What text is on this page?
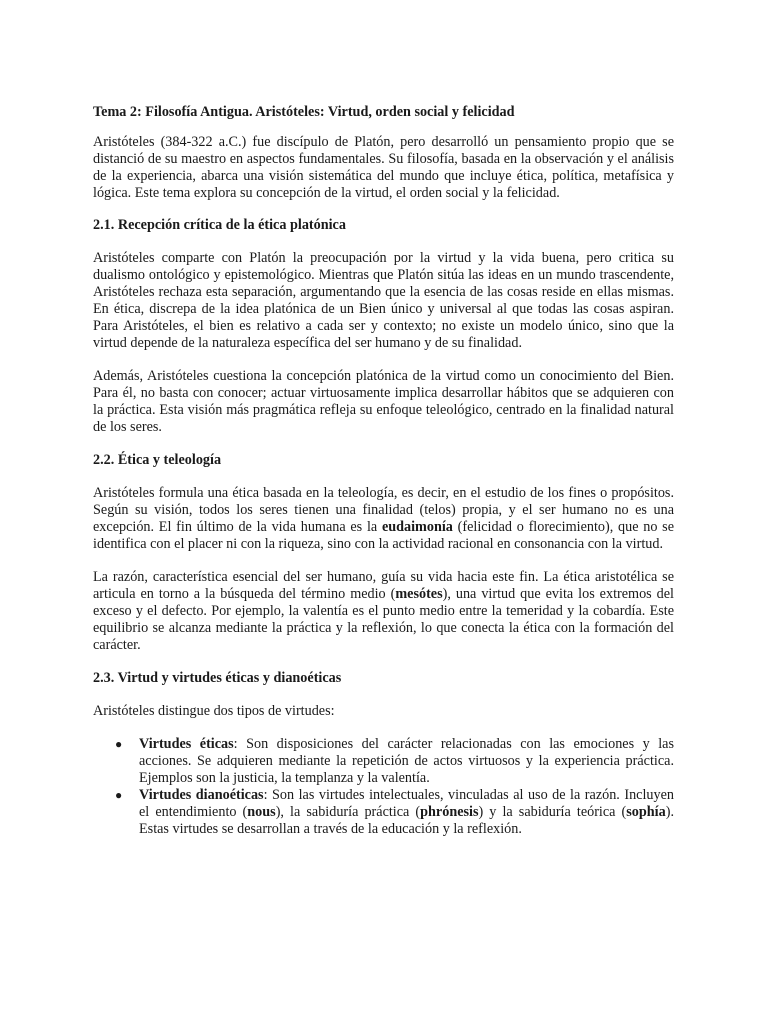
Tema 2: Filosofía Antigua. Aristóteles: Virtud, orden social y felicidad

Aristóteles (384-322 a.C.) fue discípulo de Platón, pero desarrolló un pensamiento propio que se distanció de su maestro en aspectos fundamentales. Su filosofía, basada en la observación y el análisis de la experiencia, abarca una visión sistemática del mundo que incluye ética, política, metafísica y lógica. Este tema explora su concepción de la virtud, el orden social y la felicidad.

2.1. Recepción crítica de la ética platónica

Aristóteles comparte con Platón la preocupación por la virtud y la vida buena, pero critica su dualismo ontológico y epistemológico. Mientras que Platón sitúa las ideas en un mundo trascendente, Aristóteles rechaza esta separación, argumentando que la esencia de las cosas reside en ellas mismas. En ética, discrepa de la idea platónica de un Bien único y universal al que todas las cosas aspiran. Para Aristóteles, el bien es relativo a cada ser y contexto; no existe un modelo único, sino que la virtud depende de la naturaleza específica del ser humano y de su finalidad.

Además, Aristóteles cuestiona la concepción platónica de la virtud como un conocimiento del Bien. Para él, no basta con conocer; actuar virtuosamente implica desarrollar hábitos que se adquieren con la práctica. Esta visión más pragmática refleja su enfoque teleológico, centrado en la finalidad natural de los seres.

2.2. Ética y teleología

Aristóteles formula una ética basada en la teleología, es decir, en el estudio de los fines o propósitos. Según su visión, todos los seres tienen una finalidad (telos) propia, y el ser humano no es una excepción. El fin último de la vida humana es la eudaimonía (felicidad o florecimiento), que no se identifica con el placer ni con la riqueza, sino con la actividad racional en consonancia con la virtud.

La razón, característica esencial del ser humano, guía su vida hacia este fin. La ética aristotélica se articula en torno a la búsqueda del término medio (mesótes), una virtud que evita los extremos del exceso y el defecto. Por ejemplo, la valentía es el punto medio entre la temeridad y la cobardía. Este equilibrio se alcanza mediante la práctica y la reflexión, lo que conecta la ética con la formación del carácter.

2.3. Virtud y virtudes éticas y dianoéticas

Aristóteles distingue dos tipos de virtudes:

● Virtudes éticas: Son disposiciones del carácter relacionadas con las emociones y las acciones. Se adquieren mediante la repetición de actos virtuosos y la experiencia práctica. Ejemplos son la justicia, la templanza y la valentía.
● Virtudes dianoéticas: Son las virtudes intelectuales, vinculadas al uso de la razón. Incluyen el entendimiento (nous), la sabiduría práctica (phrónesis) y la sabiduría teórica (sophía). Estas virtudes se desarrollan a través de la educación y la reflexión.
